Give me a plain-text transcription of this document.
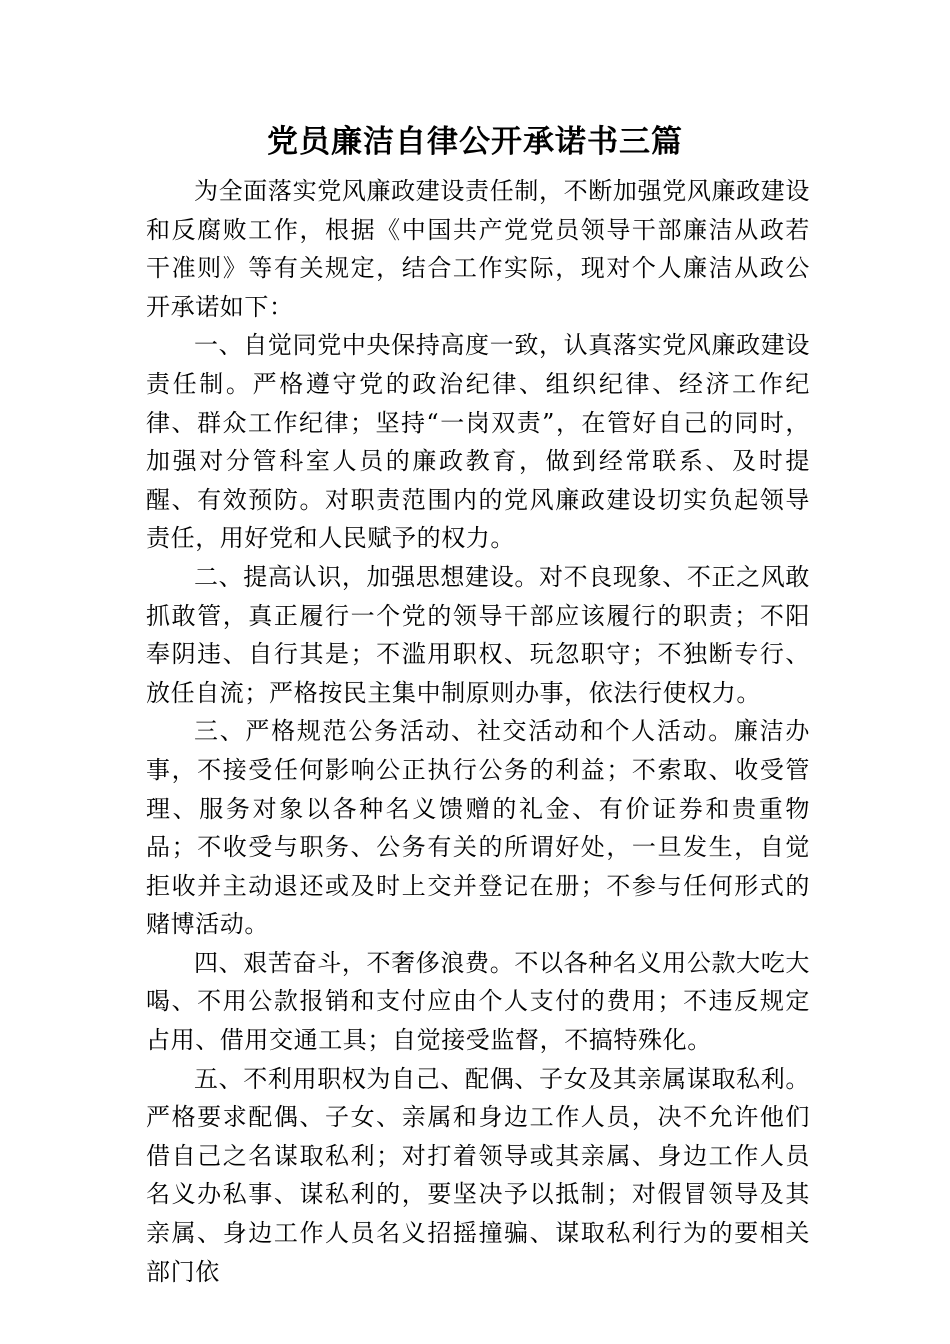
党员廉洁自律公开承诺书三篇

为全面落实党风廉政建设责任制，不断加强党风廉政建设和反腐败工作，根据《中国共产党党员领导干部廉洁从政若干准则》等有关规定，结合工作实际，现对个人廉洁从政公开承诺如下：

一、自觉同党中央保持高度一致，认真落实党风廉政建设责任制。严格遵守党的政治纪律、组织纪律、经济工作纪律、群众工作纪律；坚持“一岗双责”，在管好自己的同时，加强对分管科室人员的廉政教育，做到经常联系、及时提醒、有效预防。对职责范围内的党风廉政建设切实负起领导责任，用好党和人民赋予的权力。

二、提高认识，加强思想建设。对不良现象、不正之风敢抓敢管，真正履行一个党的领导干部应该履行的职责；不阳奉阴违、自行其是；不滥用职权、玩忽职守；不独断专行、放任自流；严格按民主集中制原则办事，依法行使权力。

三、严格规范公务活动、社交活动和个人活动。廉洁办事，不接受任何影响公正执行公务的利益；不索取、收受管理、服务对象以各种名义馈赠的礼金、有价证券和贵重物品；不收受与职务、公务有关的所谓好处，一旦发生，自觉拒收并主动退还或及时上交并登记在册；不参与任何形式的赌博活动。

四、艰苦奋斗，不奢侈浪费。不以各种名义用公款大吃大喝、不用公款报销和支付应由个人支付的费用；不违反规定占用、借用交通工具；自觉接受监督，不搞特殊化。

五、不利用职权为自己、配偶、子女及其亲属谋取私利。严格要求配偶、子女、亲属和身边工作人员，决不允许他们借自己之名谋取私利；对打着领导或其亲属、身边工作人员名义办私事、谋私利的，要坚决予以抵制；对假冒领导及其亲属、身边工作人员名义招摇撞骗、谋取私利行为的要相关部门依
